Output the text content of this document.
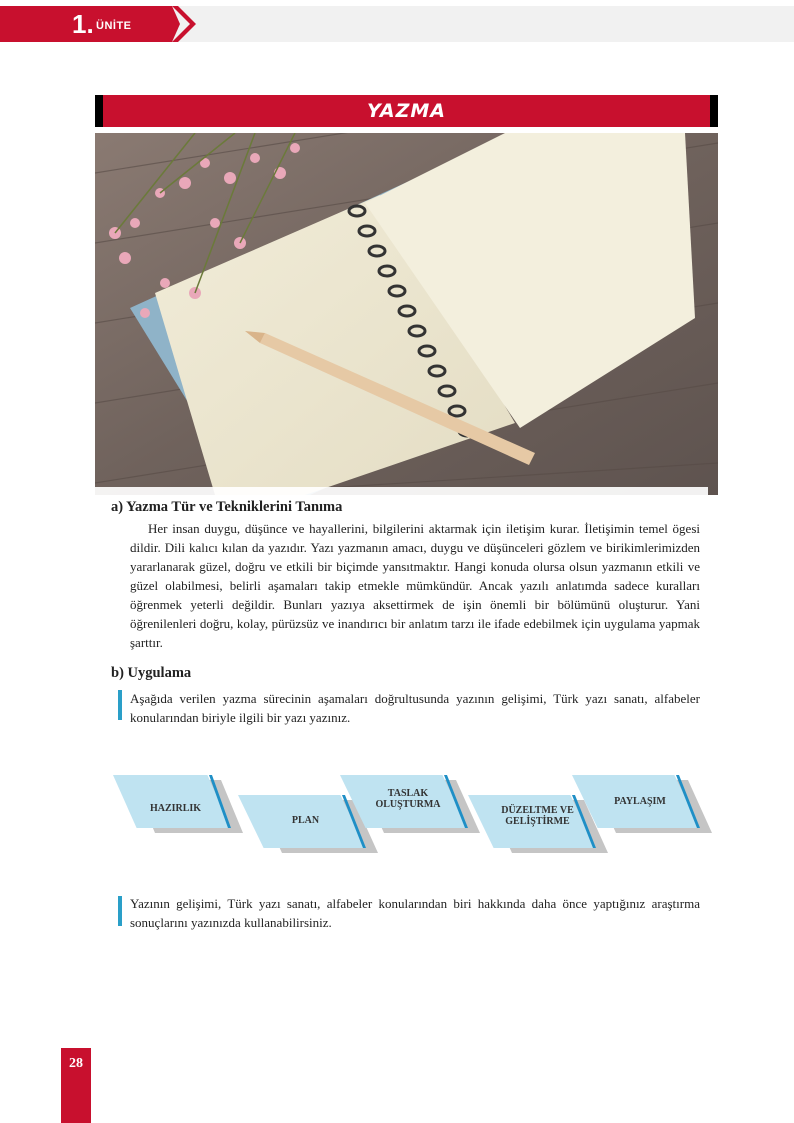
1. ÜNİTE
YAZMA
a) Yazma Tür ve Tekniklerini Tanıma

Her insan duygu, düşünce ve hayallerini, bilgilerini aktarmak için iletişim kurar. İletişimin temel ögesi dildir. Dili kalıcı kılan da yazıdır. Yazı yazmanın amacı, duygu ve düşünceleri gözlem ve birikimlerimizden yararlanarak güzel, doğru ve etkili bir biçimde yansıtmaktır. Hangi konuda olursa olsun yazmanın etkili ve güzel olabilmesi, belirli aşamaları takip etmekle mümkündür. Ancak yazılı anlatımda sadece kuralları öğrenmek yeterli değildir. Bunları yazıya aksettirmek de işin önemli bir bölümünü oluşturur. Yani öğrenilenleri doğru, kolay, pürüzsüz ve inandırıcı bir anlatım tarzı ile ifade edebilmek için uygulama yapmak şarttır.

b) Uygulama
Aşağıda verilen yazma sürecinin aşamaları doğrultusunda yazının gelişimi, Türk yazı sanatı, alfabeler konularından biriyle ilgili bir yazı yazınız.
HAZIRLIK
PLAN
TASLAK OLUŞTURMA
DÜZELTME VE GELİŞTİRME
PAYLAŞIM
Yazının gelişimi, Türk yazı sanatı, alfabeler konularından biri hakkında daha önce yaptığınız araştırma sonuçlarını yazınızda kullanabilirsiniz.
28
